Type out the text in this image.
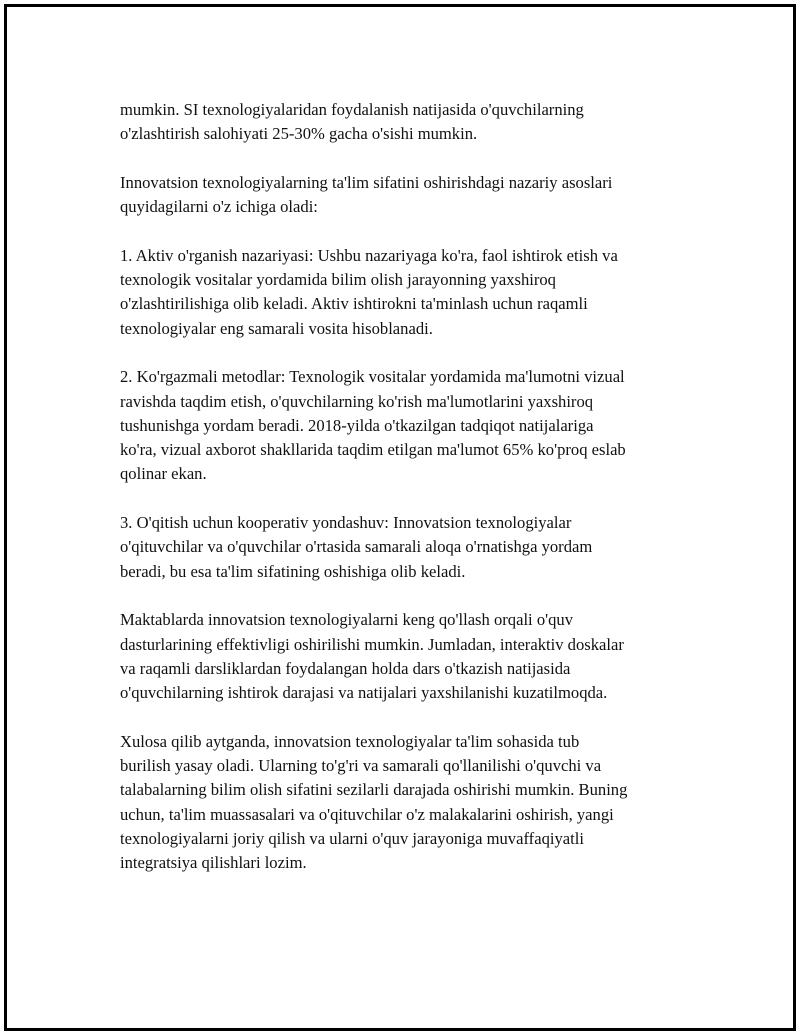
mumkin. SI texnologiyalaridan foydalanish natijasida o'quvchilarning
o'zlashtirish salohiyati 25-30% gacha o'sishi mumkin.

Innovatsion texnologiyalarning ta'lim sifatini oshirishdagi nazariy asoslari
quyidagilarni o'z ichiga oladi:

1. Aktiv o'rganish nazariyasi: Ushbu nazariyaga ko'ra, faol ishtirok etish va
texnologik vositalar yordamida bilim olish jarayonning yaxshiroq
o'zlashtirilishiga olib keladi. Aktiv ishtirokni ta'minlash uchun raqamli
texnologiyalar eng samarali vosita hisoblanadi.

2. Ko'rgazmali metodlar: Texnologik vositalar yordamida ma'lumotni vizual
ravishda taqdim etish, o'quvchilarning ko'rish ma'lumotlarini yaxshiroq
tushunishga yordam beradi. 2018-yilda o'tkazilgan tadqiqot natijalariga
ko'ra, vizual axborot shakllarida taqdim etilgan ma'lumot 65% ko'proq eslab
qolinar ekan.

3. O'qitish uchun kooperativ yondashuv: Innovatsion texnologiyalar
o'qituvchilar va o'quvchilar o'rtasida samarali aloqa o'rnatishga yordam
beradi, bu esa ta'lim sifatining oshishiga olib keladi.

Maktablarda innovatsion texnologiyalarni keng qo'llash orqali o'quv
dasturlarining effektivligi oshirilishi mumkin. Jumladan, interaktiv doskalar
va raqamli darsliklardan foydalangan holda dars o'tkazish natijasida
o'quvchilarning ishtirok darajasi va natijalari yaxshilanishi kuzatilmoqda.

Xulosa qilib aytganda, innovatsion texnologiyalar ta'lim sohasida tub
burilish yasay oladi. Ularning to'g'ri va samarali qo'llanilishi o'quvchi va
talabalarning bilim olish sifatini sezilarli darajada oshirishi mumkin. Buning
uchun, ta'lim muassasalari va o'qituvchilar o'z malakalarini oshirish, yangi
texnologiyalarni joriy qilish va ularni o'quv jarayoniga muvaffaqiyatli
integratsiya qilishlari lozim.
